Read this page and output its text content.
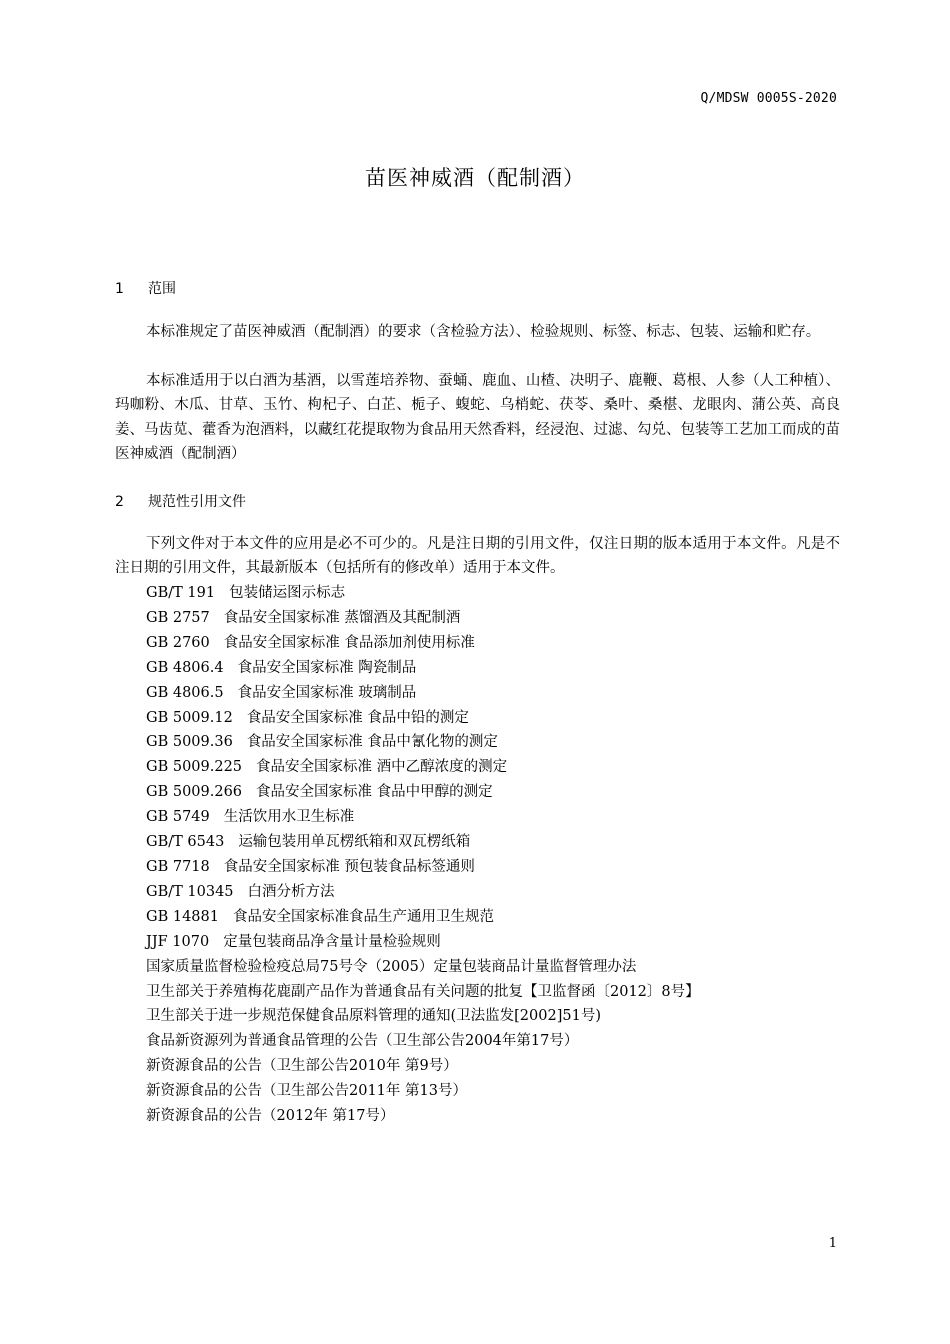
Q/MDSW 0005S-2020
苗医神威酒（配制酒）
1 范围

本标准规定了苗医神威酒（配制酒）的要求（含检验方法）、检验规则、标签、标志、包装、运输和贮存。

本标准适用于以白酒为基酒，以雪莲培养物、蚕蛹、鹿血、山楂、决明子、鹿鞭、葛根、人参（人工种植）、玛咖粉、木瓜、甘草、玉竹、枸杞子、白芷、栀子、蝮蛇、乌梢蛇、茯苓、桑叶、桑椹、龙眼肉、蒲公英、高良姜、马齿苋、藿香为泡酒料，以藏红花提取物为食品用天然香料，经浸泡、过滤、勾兑、包装等工艺加工而成的苗医神威酒（配制酒）

2 规范性引用文件

下列文件对于本文件的应用是必不可少的。凡是注日期的引用文件，仅注日期的版本适用于本文件。凡是不注日期的引用文件，其最新版本（包括所有的修改单）适用于本文件。

GB/T 191 包装储运图示标志
GB 2757 食品安全国家标准 蒸馏酒及其配制酒
GB 2760 食品安全国家标准 食品添加剂使用标准
GB 4806.4 食品安全国家标准 陶瓷制品
GB 4806.5 食品安全国家标准 玻璃制品
GB 5009.12 食品安全国家标准 食品中铅的测定
GB 5009.36 食品安全国家标准 食品中氰化物的测定
GB 5009.225 食品安全国家标准 酒中乙醇浓度的测定
GB 5009.266 食品安全国家标准 食品中甲醇的测定
GB 5749 生活饮用水卫生标准
GB/T 6543 运输包装用单瓦楞纸箱和双瓦楞纸箱
GB 7718 食品安全国家标准 预包装食品标签通则
GB/T 10345 白酒分析方法
GB 14881 食品安全国家标准食品生产通用卫生规范
JJF 1070 定量包装商品净含量计量检验规则
国家质量监督检验检疫总局75号令（2005）定量包装商品计量监督管理办法
卫生部关于养殖梅花鹿副产品作为普通食品有关问题的批复【卫监督函〔2012〕8号】
卫生部关于进一步规范保健食品原料管理的通知(卫法监发[2002]51号)
食品新资源列为普通食品管理的公告（卫生部公告2004年第17号）
新资源食品的公告（卫生部公告2010年 第9号）
新资源食品的公告（卫生部公告2011年 第13号）
新资源食品的公告（2012年 第17号）
1
